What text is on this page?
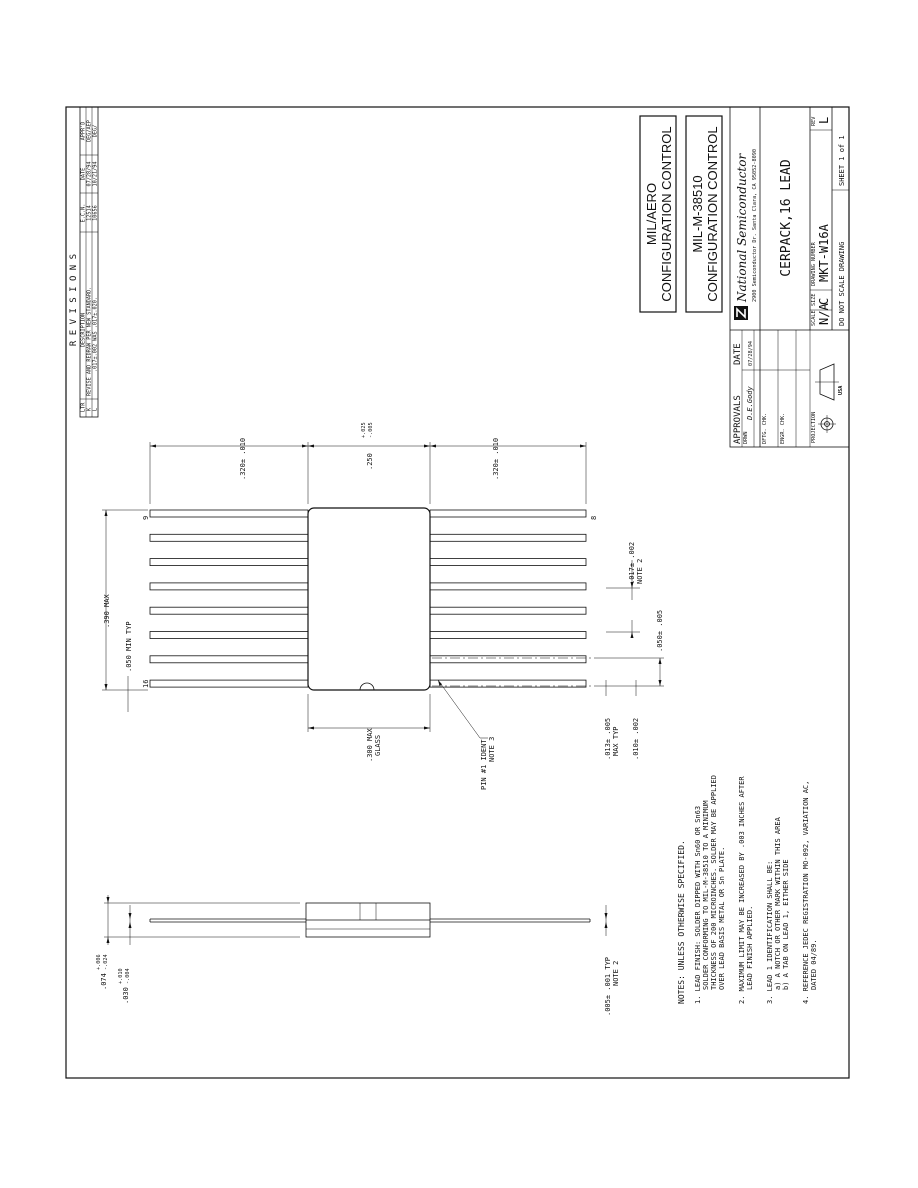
R E V I S I O N S
LTR
DESCRIPTION
E.C.N.
DATE
APPR'D
K
REVISE AND REDRAW PER NEW STANDARD.
12514
07/28/94
DEG/AEP
L
.017±.002 WAS .017±.020.
10656
10/21/94
DEG/
MIL/AERO CONFIGURATION CONTROL MIL-M-38510 CONFIGURATION CONTROL National Semiconductor 2900 Semiconductor Dr. Santa Clara, CA 95052-8090 CERPACK,16 LEAD
SCALE N/A
SIZE C
DRAWING NUMBER MKT-W16A
REV L
DO NOT SCALE DRAWING
SHEET 1 of 1
APPROVALS
DATE
DRWN
D.E.Gody
07/28/94
DFTG. CHK. ENGR. CHK.	PROJECTION
USA
9	8
16
.320± .010	.250
+.025 -.005
.320± .010
.390 MAX
.050 MIN TYP
.017± .002 NOTE 2
.050± .005
.300 MAX GLASS	PIN #1 IDENT NOTE 3	.013± .005 MAX TYP .010± .002
.074
+.006 -.024
.030
+.010 -.004	.005± .001 TYP NOTE 2	NOTES: UNLESS OTHERWISE SPECIFIED. 1. LEAD FINISH: SOLDER DIPPED WITH Sn60 OR Sn63 SOLDER CONFORMING TO MIL-M-38510 TO A MINIMUM THICKNESS OF 200 MICROINCHES. SOLDER MAY BE APPLIED OVER LEAD BASIS METAL OR Sn PLATE. 2. MAXIMUM LIMIT MAY BE INCREASED BY .003 INCHES AFTER LEAD FINISH APPLIED. 3. LEAD 1 IDENTIFICATION SHALL BE: a) A NOTCH OR OTHER MARK WITHIN THIS AREA b) A TAB ON LEAD 1, EITHER SIDE 4. REFERENCE JEDEC REGISTRATION MO-092, VARIATION AC, DATED 04/89.
